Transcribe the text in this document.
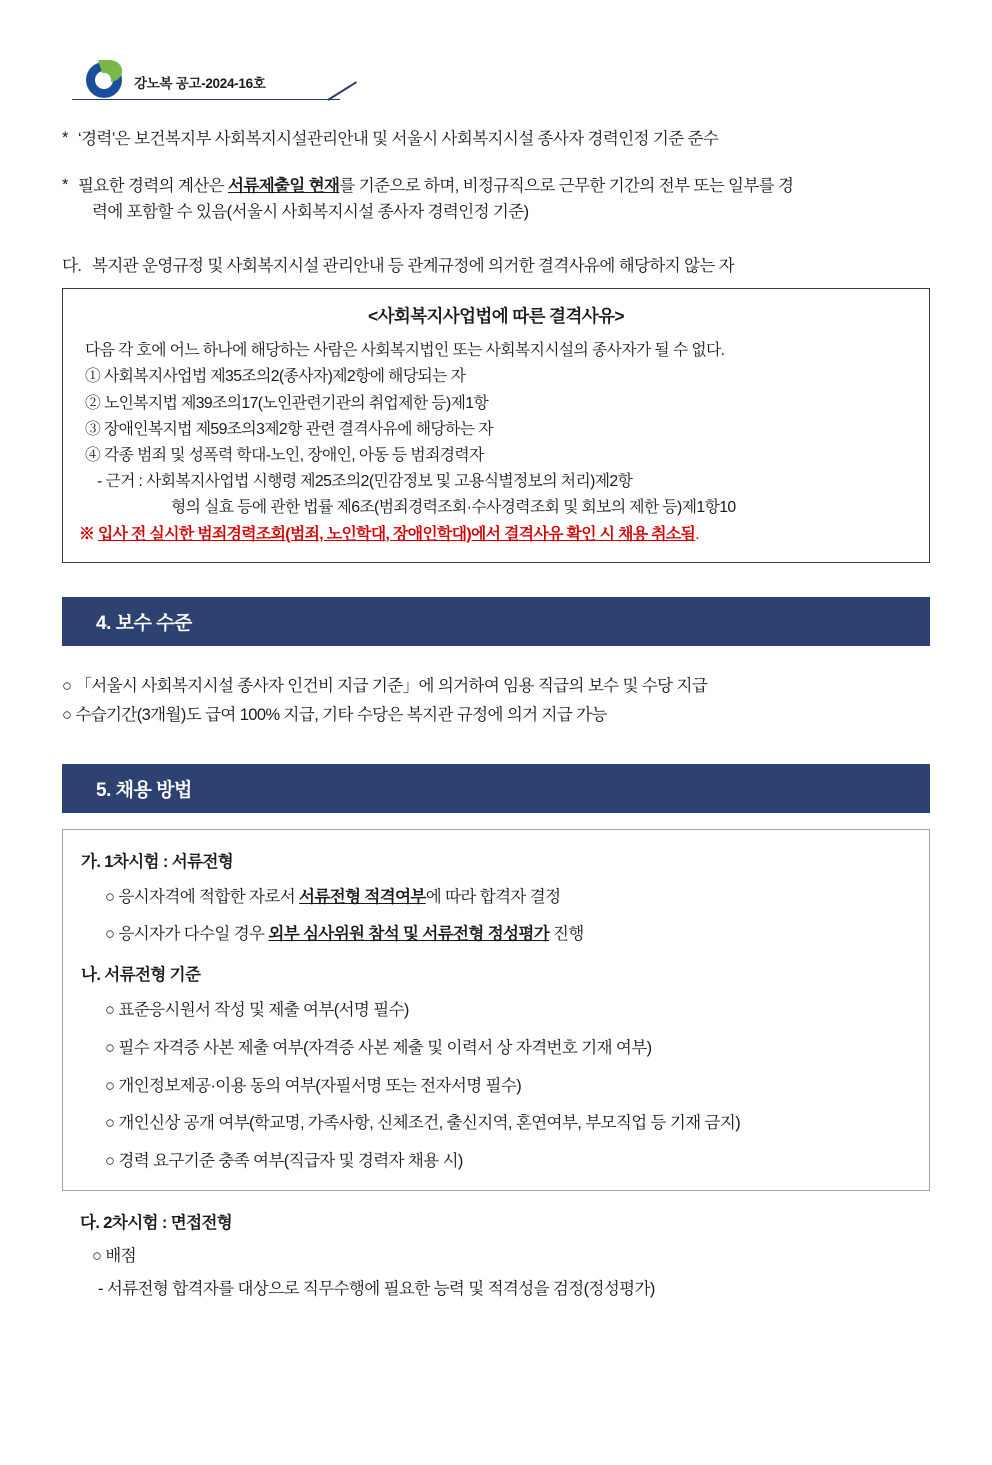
강노복 공고-2024-16호
* ‘경력’은 보건복지부 사회복지시설관리안내 및 서울시 사회복지시설 종사자 경력인정 기준 준수
* 필요한 경력의 계산은 서류제출일 현재를 기준으로 하며, 비정규직으로 근무한 기간의 전부 또는 일부를 경
력에 포함할 수 있음(서울시 사회복지시설 종사자 경력인정 기준)
다. 복지관 운영규정 및 사회복지시설 관리안내 등 관계규정에 의거한 결격사유에 해당하지 않는 자
<사회복지사업법에 따른 결격사유>
다음 각 호에 어느 하나에 해당하는 사람은 사회복지법인 또는 사회복지시설의 종사자가 될 수 없다.
① 사회복지사업법 제35조의2(종사자)제2항에 해당되는 자
② 노인복지법 제39조의17(노인관련기관의 취업제한 등)제1항
③ 장애인복지법 제59조의3제2항 관련 결격사유에 해당하는 자
④ 각종 범죄 및 성폭력 학대-노인, 장애인, 아동 등 범죄경력자
- 근거 : 사회복지사업법 시행령 제25조의2(민감정보 및 고용식별정보의 처리)제2항
형의 실효 등에 관한 법률 제6조(범죄경력조회·수사경력조회 및 회보의 제한 등)제1항10
※ 입사 전 실시한 범죄경력조회(범죄, 노인학대, 장애인학대)에서 결격사유 확인 시 채용 취소됨.
4. 보수 수준
○ 「서울시 사회복지시설 종사자 인건비 지급 기준」에 의거하여 임용 직급의 보수 및 수당 지급
○ 수습기간(3개월)도 급여 100% 지급, 기타 수당은 복지관 규정에 의거 지급 가능
5. 채용 방법
가. 1차시험 : 서류전형
○ 응시자격에 적합한 자로서 서류전형 적격여부에 따라 합격자 결정
○ 응시자가 다수일 경우 외부 심사위원 참석 및 서류전형 정성평가 진행
나. 서류전형 기준
○ 표준응시원서 작성 및 제출 여부(서명 필수)
○ 필수 자격증 사본 제출 여부(자격증 사본 제출 및 이력서 상 자격번호 기재 여부)
○ 개인정보제공·이용 동의 여부(자필서명 또는 전자서명 필수)
○ 개인신상 공개 여부(학교명, 가족사항, 신체조건, 출신지역, 혼연여부, 부모직업 등 기재 금지)
○ 경력 요구기준 충족 여부(직급자 및 경력자 채용 시)
다. 2차시험 : 면접전형
○ 배점
- 서류전형 합격자를 대상으로 직무수행에 필요한 능력 및 적격성을 검정(정성평가)
